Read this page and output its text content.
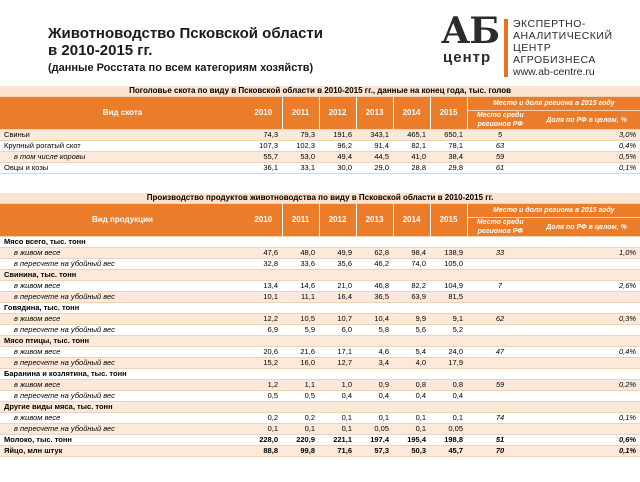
Животноводство Псковской области
в 2010-2015 гг.
(данные Росстата по всем категориям хозяйств)
АБ
центр
ЭКСПЕРТНО-
АНАЛИТИЧЕСКИЙ
ЦЕНТР
АГРОБИЗНЕСА
www.ab-centre.ru
Поголовье скота по виду в Псковской области в 2010-2015 гг., данные на конец года, тыс. голов								
Вид скота	2010	2011	2012	2013	2014	2015	Место и доля региона в 2015 году	
							Место среди регионов РФ	Доля по РФ в целом, %
Свиньи	74,3	79,3	191,6	343,1	465,1	650,1	5	3,0%
Крупный рогатый скот	107,3	102,3	96,2	91,4	82,1	78,1	63	0,4%
в том числе коровы	55,7	53,0	49,4	44,5	41,0	38,4	59	0,5%
Овцы и козы	36,1	33,1	30,0	29,0	28,8	29,8	61	0,1%
Производство продуктов животноводства по виду в Псковской области в 2010-2015 гг.								
Вид продукции	2010	2011	2012	2013	2014	2015	Место и доля региона в 2015 году	
							Место среди регионов РФ	Доля по РФ в целом, %
Мясо всего, тыс. тонн								
в живом весе	47,6	48,0	49,9	62,8	98,4	138,9	33	1,0%
в пересчете на убойный вес	32,8	33,6	35,6	46,2	74,0	105,0		
Свинина, тыс. тонн								
в живом весе	13,4	14,6	21,0	46,8	82,2	104,9	7	2,6%
в пересчете на убойный вес	10,1	11,1	16,4	36,5	63,9	81,5		
Говядина, тыс. тонн								
в живом весе	12,2	10,5	10,7	10,4	9,9	9,1	62	0,3%
в пересчете на убойный вес	6,9	5,9	6,0	5,8	5,6	5,2		
Мясо птицы, тыс. тонн								
в живом весе	20,6	21,6	17,1	4,6	5,4	24,0	47	0,4%
в пересчете на убойный вес	15,2	16,0	12,7	3,4	4,0	17,9		
Баранина и козлятина, тыс. тонн								
в живом весе	1,2	1,1	1,0	0,9	0,8	0,8	59	0,2%
в пересчете на убойный вес	0,5	0,5	0,4	0,4	0,4	0,4		
Другие виды мяса, тыс. тонн								
в живом весе	0,2	0,2	0,1	0,1	0,1	0,1	74	0,1%
в пересчете на убойный вес	0,1	0,1	0,1	0,05	0,1	0,05		
Молоко, тыс. тонн	228,0	220,9	221,1	197,4	195,4	198,8	51	0,6%
Яйцо, млн штук	88,8	99,8	71,6	57,3	50,3	45,7	70	0,1%
